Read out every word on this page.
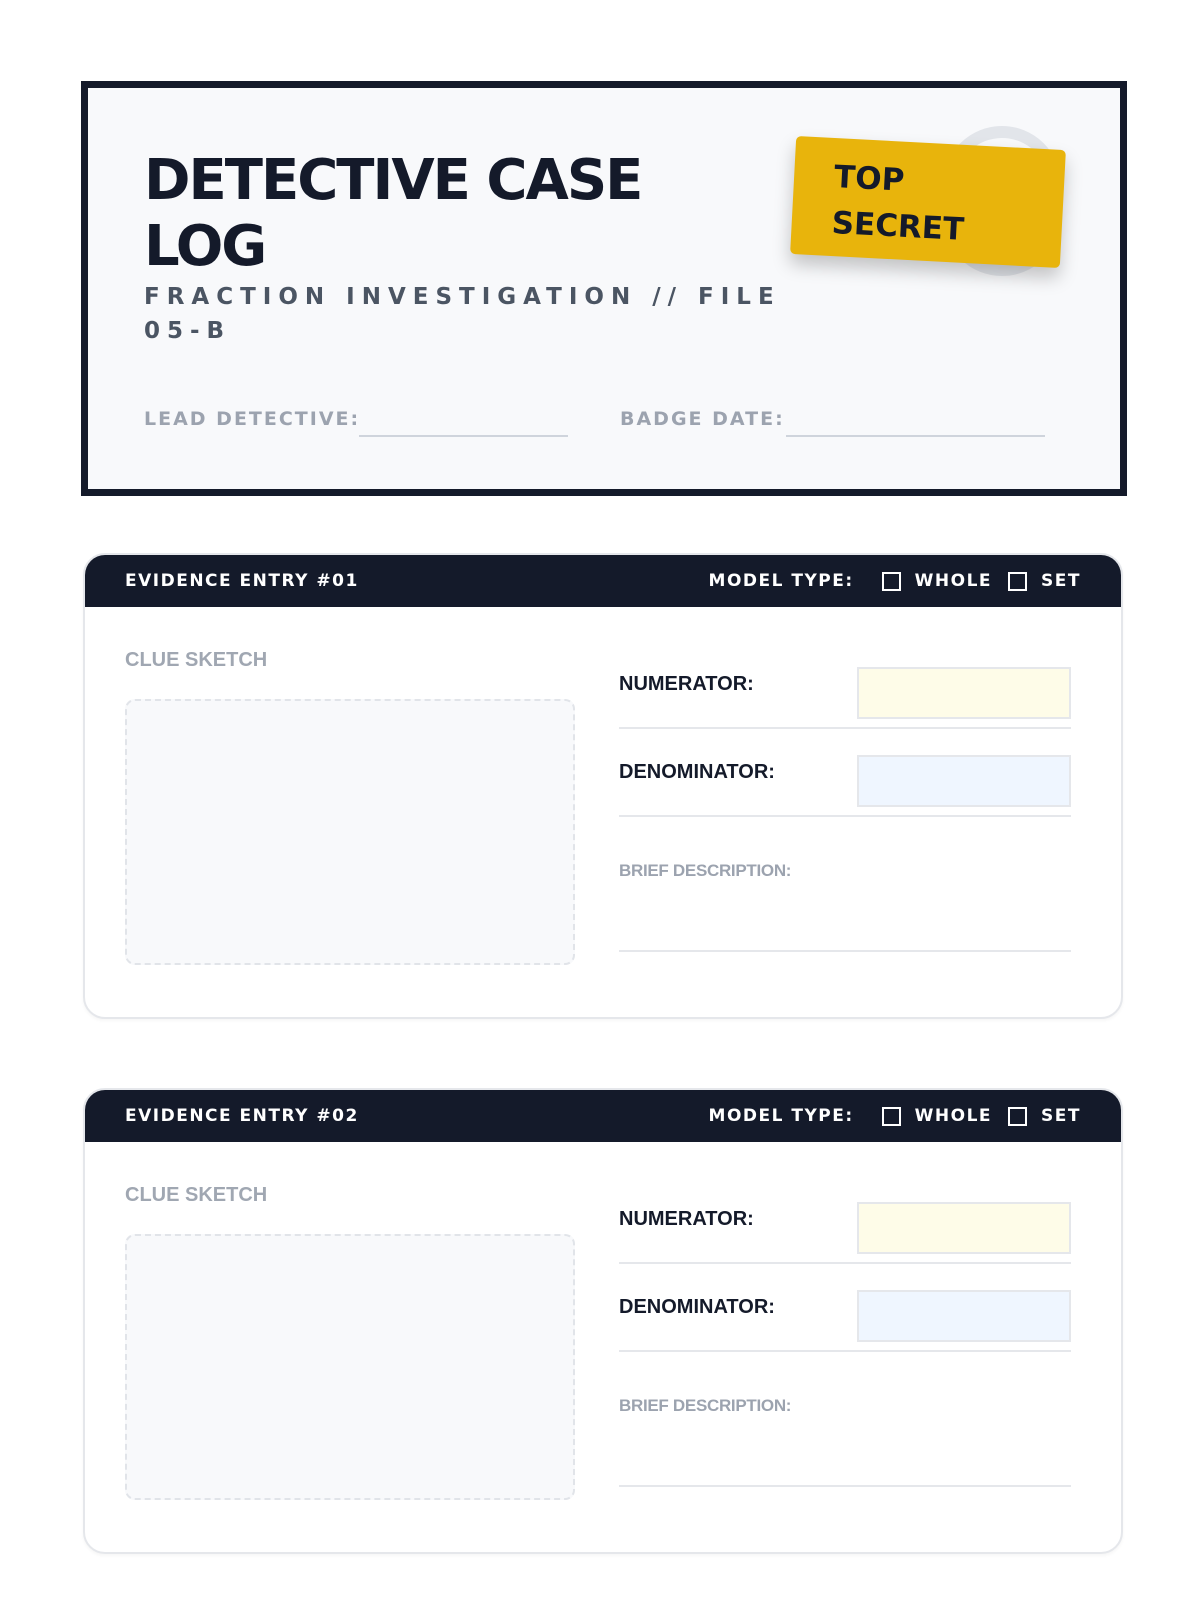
DETECTIVE CASE LOG
FRACTION INVESTIGATION // FILE 05-B
TOP SECRET
LEAD DETECTIVE:	BADGE DATE:
EVIDENCE ENTRY #01	MODEL TYPE:	WHOLE	SET
CLUE SKETCH
NUMERATOR:
DENOMINATOR:
BRIEF DESCRIPTION:
EVIDENCE ENTRY #02	MODEL TYPE:	WHOLE	SET
CLUE SKETCH
NUMERATOR:
DENOMINATOR:
BRIEF DESCRIPTION:
